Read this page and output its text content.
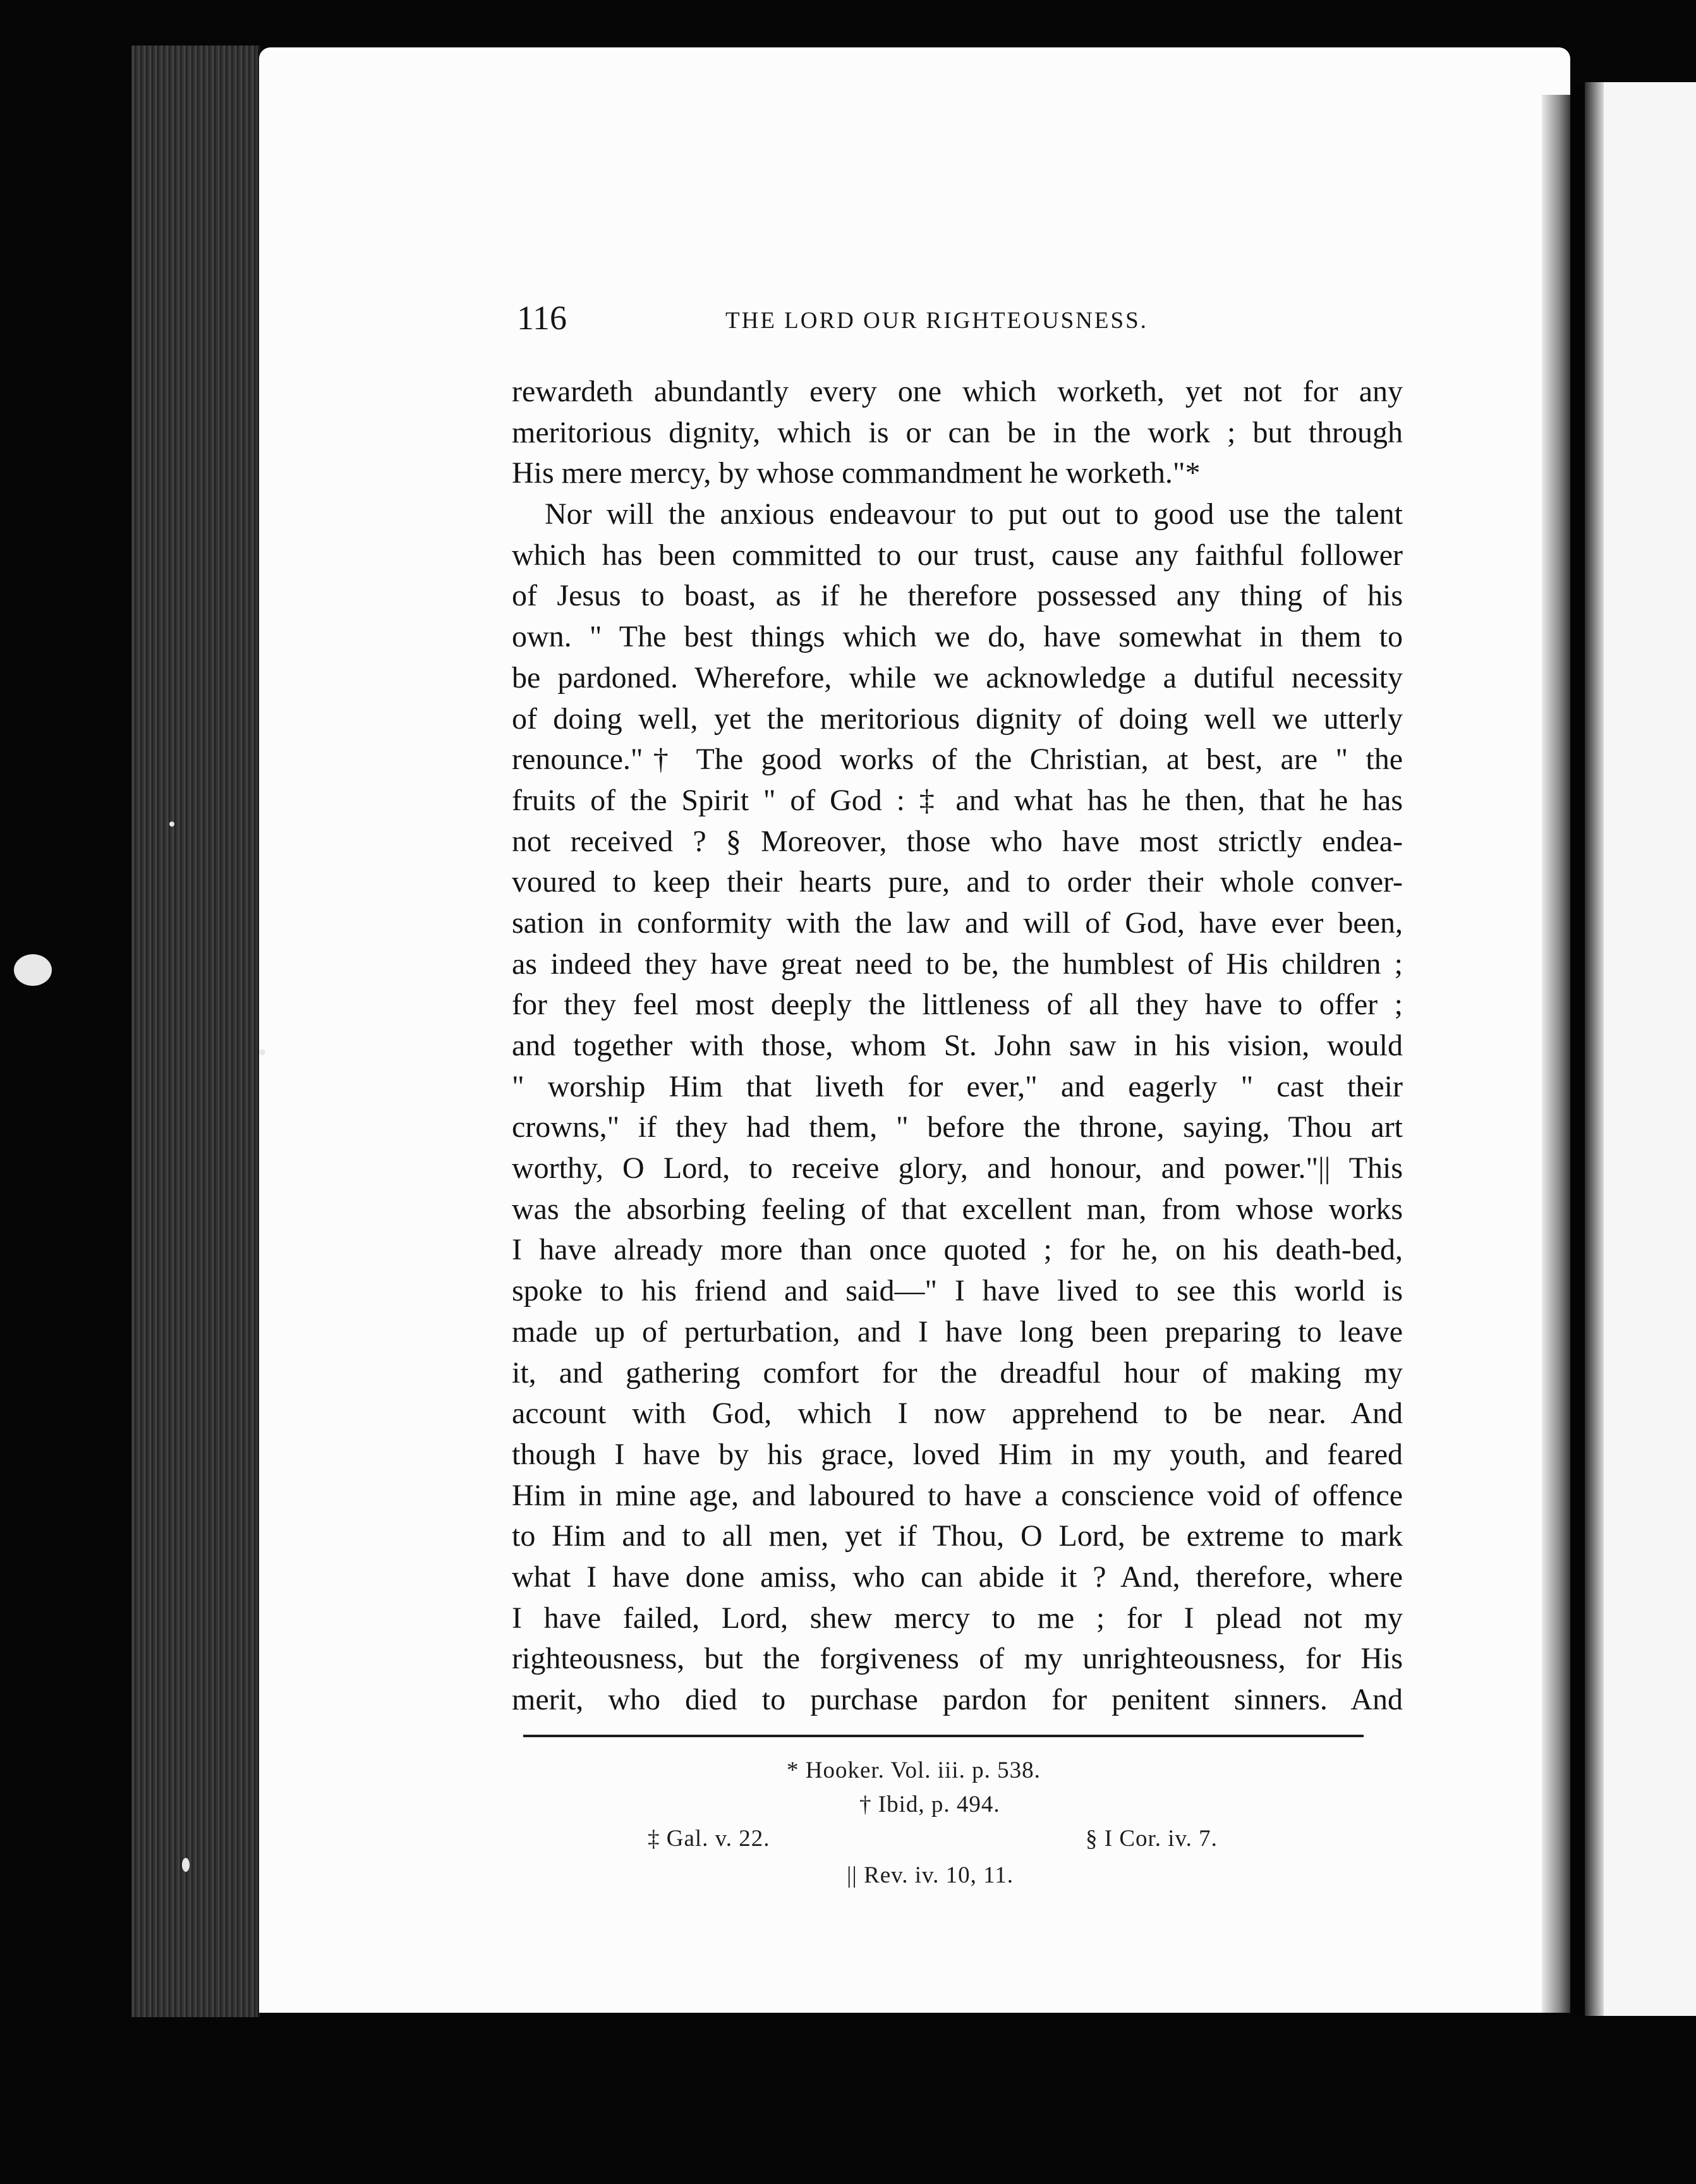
116	THE LORD OUR RIGHTEOUSNESS.
rewardeth abundantly every one which worketh, yet not for any
meritorious dignity, which is or can be in the work ; but through
His mere mercy, by whose commandment he worketh."*
Nor will the anxious endeavour to put out to good use the talent
which has been committed to our trust, cause any faithful follower
of Jesus to boast, as if he therefore possessed any thing of his
own. " The best things which we do, have somewhat in them to
be pardoned. Wherefore, while we acknowledge a dutiful necessity
of doing well, yet the meritorious dignity of doing well we utterly
renounce."† The good works of the Christian, at best, are " the
fruits of the Spirit " of God : ‡ and what has he then, that he has
not received ? § Moreover, those who have most strictly endea-
voured to keep their hearts pure, and to order their whole conver-
sation in conformity with the law and will of God, have ever been,
as indeed they have great need to be, the humblest of His children ;
for they feel most deeply the littleness of all they have to offer ;
and together with those, whom St. John saw in his vision, would
" worship Him that liveth for ever," and eagerly " cast their
crowns," if they had them, " before the throne, saying, Thou art
worthy, O Lord, to receive glory, and honour, and power."|| This
was the absorbing feeling of that excellent man, from whose works
I have already more than once quoted ; for he, on his death-bed,
spoke to his friend and said—" I have lived to see this world is
made up of perturbation, and I have long been preparing to leave
it, and gathering comfort for the dreadful hour of making my
account with God, which I now apprehend to be near. And
though I have by his grace, loved Him in my youth, and feared
Him in mine age, and laboured to have a conscience void of offence
to Him and to all men, yet if Thou, O Lord, be extreme to mark
what I have done amiss, who can abide it ? And, therefore, where
I have failed, Lord, shew mercy to me ; for I plead not my
righteousness, but the forgiveness of my unrighteousness, for His
merit, who died to purchase pardon for penitent sinners. And
* Hooker. Vol. iii. p. 538.
† Ibid, p. 494.
‡ Gal. v. 22.	§ I Cor. iv. 7.
|| Rev. iv. 10, 11.
